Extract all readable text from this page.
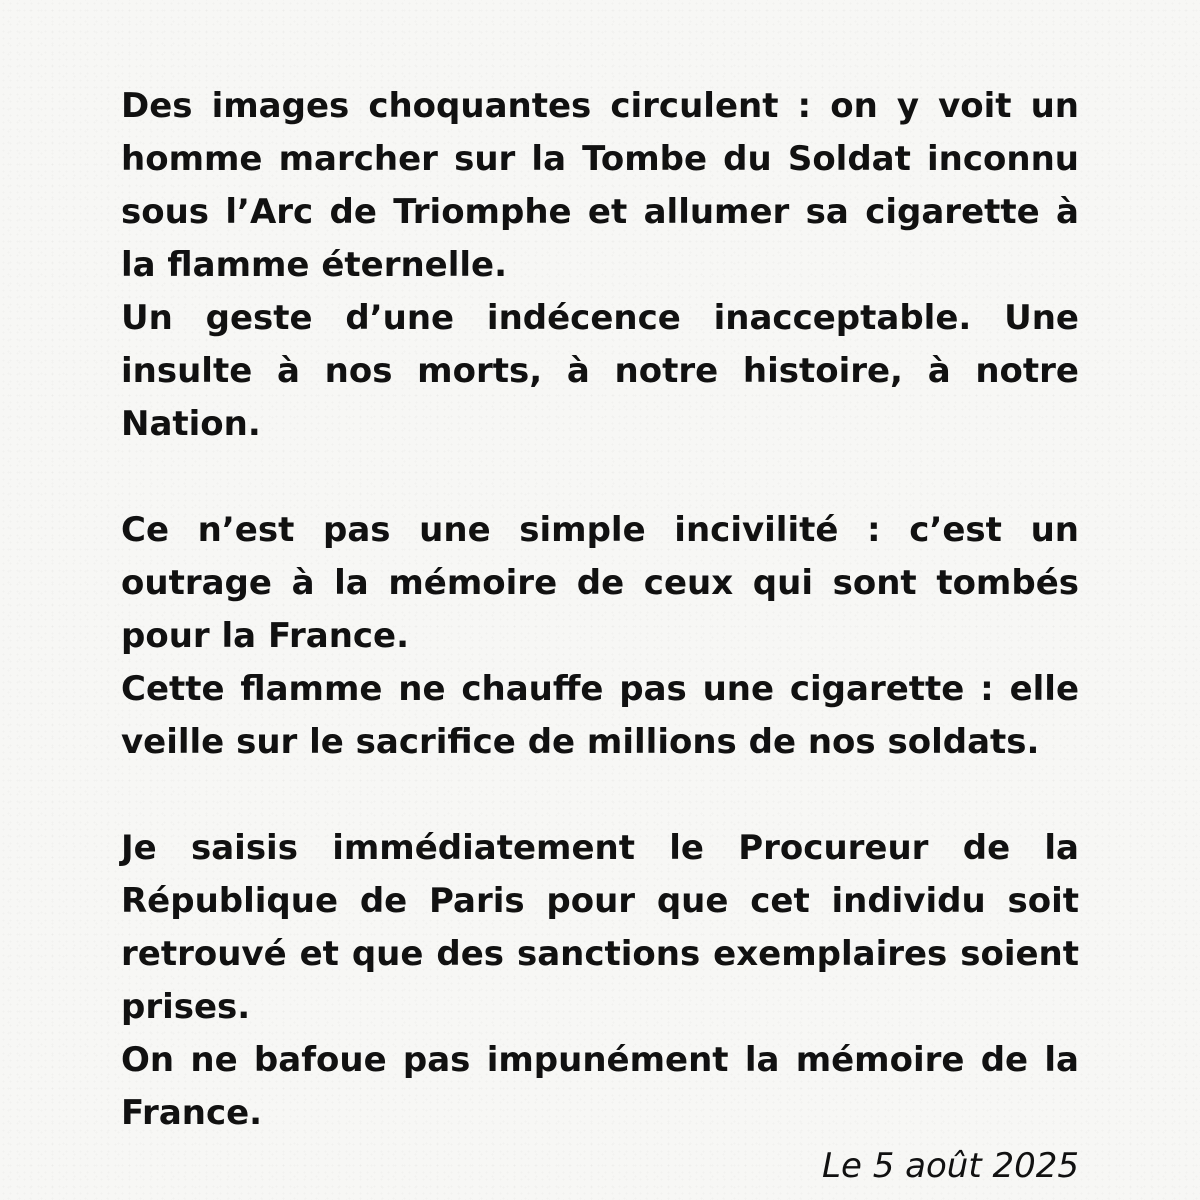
Des images choquantes circulent : on y voit un homme marcher sur la Tombe du Soldat inconnu sous l’Arc de Triomphe et allumer sa cigarette à la flamme éternelle.

Un geste d’une indécence inacceptable. Une insulte à nos morts, à notre histoire, à notre Nation.

Ce n’est pas une simple incivilité : c’est un outrage à la mémoire de ceux qui sont tombés pour la France.

Cette flamme ne chauffe pas une cigarette : elle veille sur le sacrifice de millions de nos soldats.

Je saisis immédiatement le Procureur de la République de Paris pour que cet individu soit retrouvé et que des sanctions exemplaires soient prises.

On ne bafoue pas impunément la mémoire de la France.

Le 5 août 2025
